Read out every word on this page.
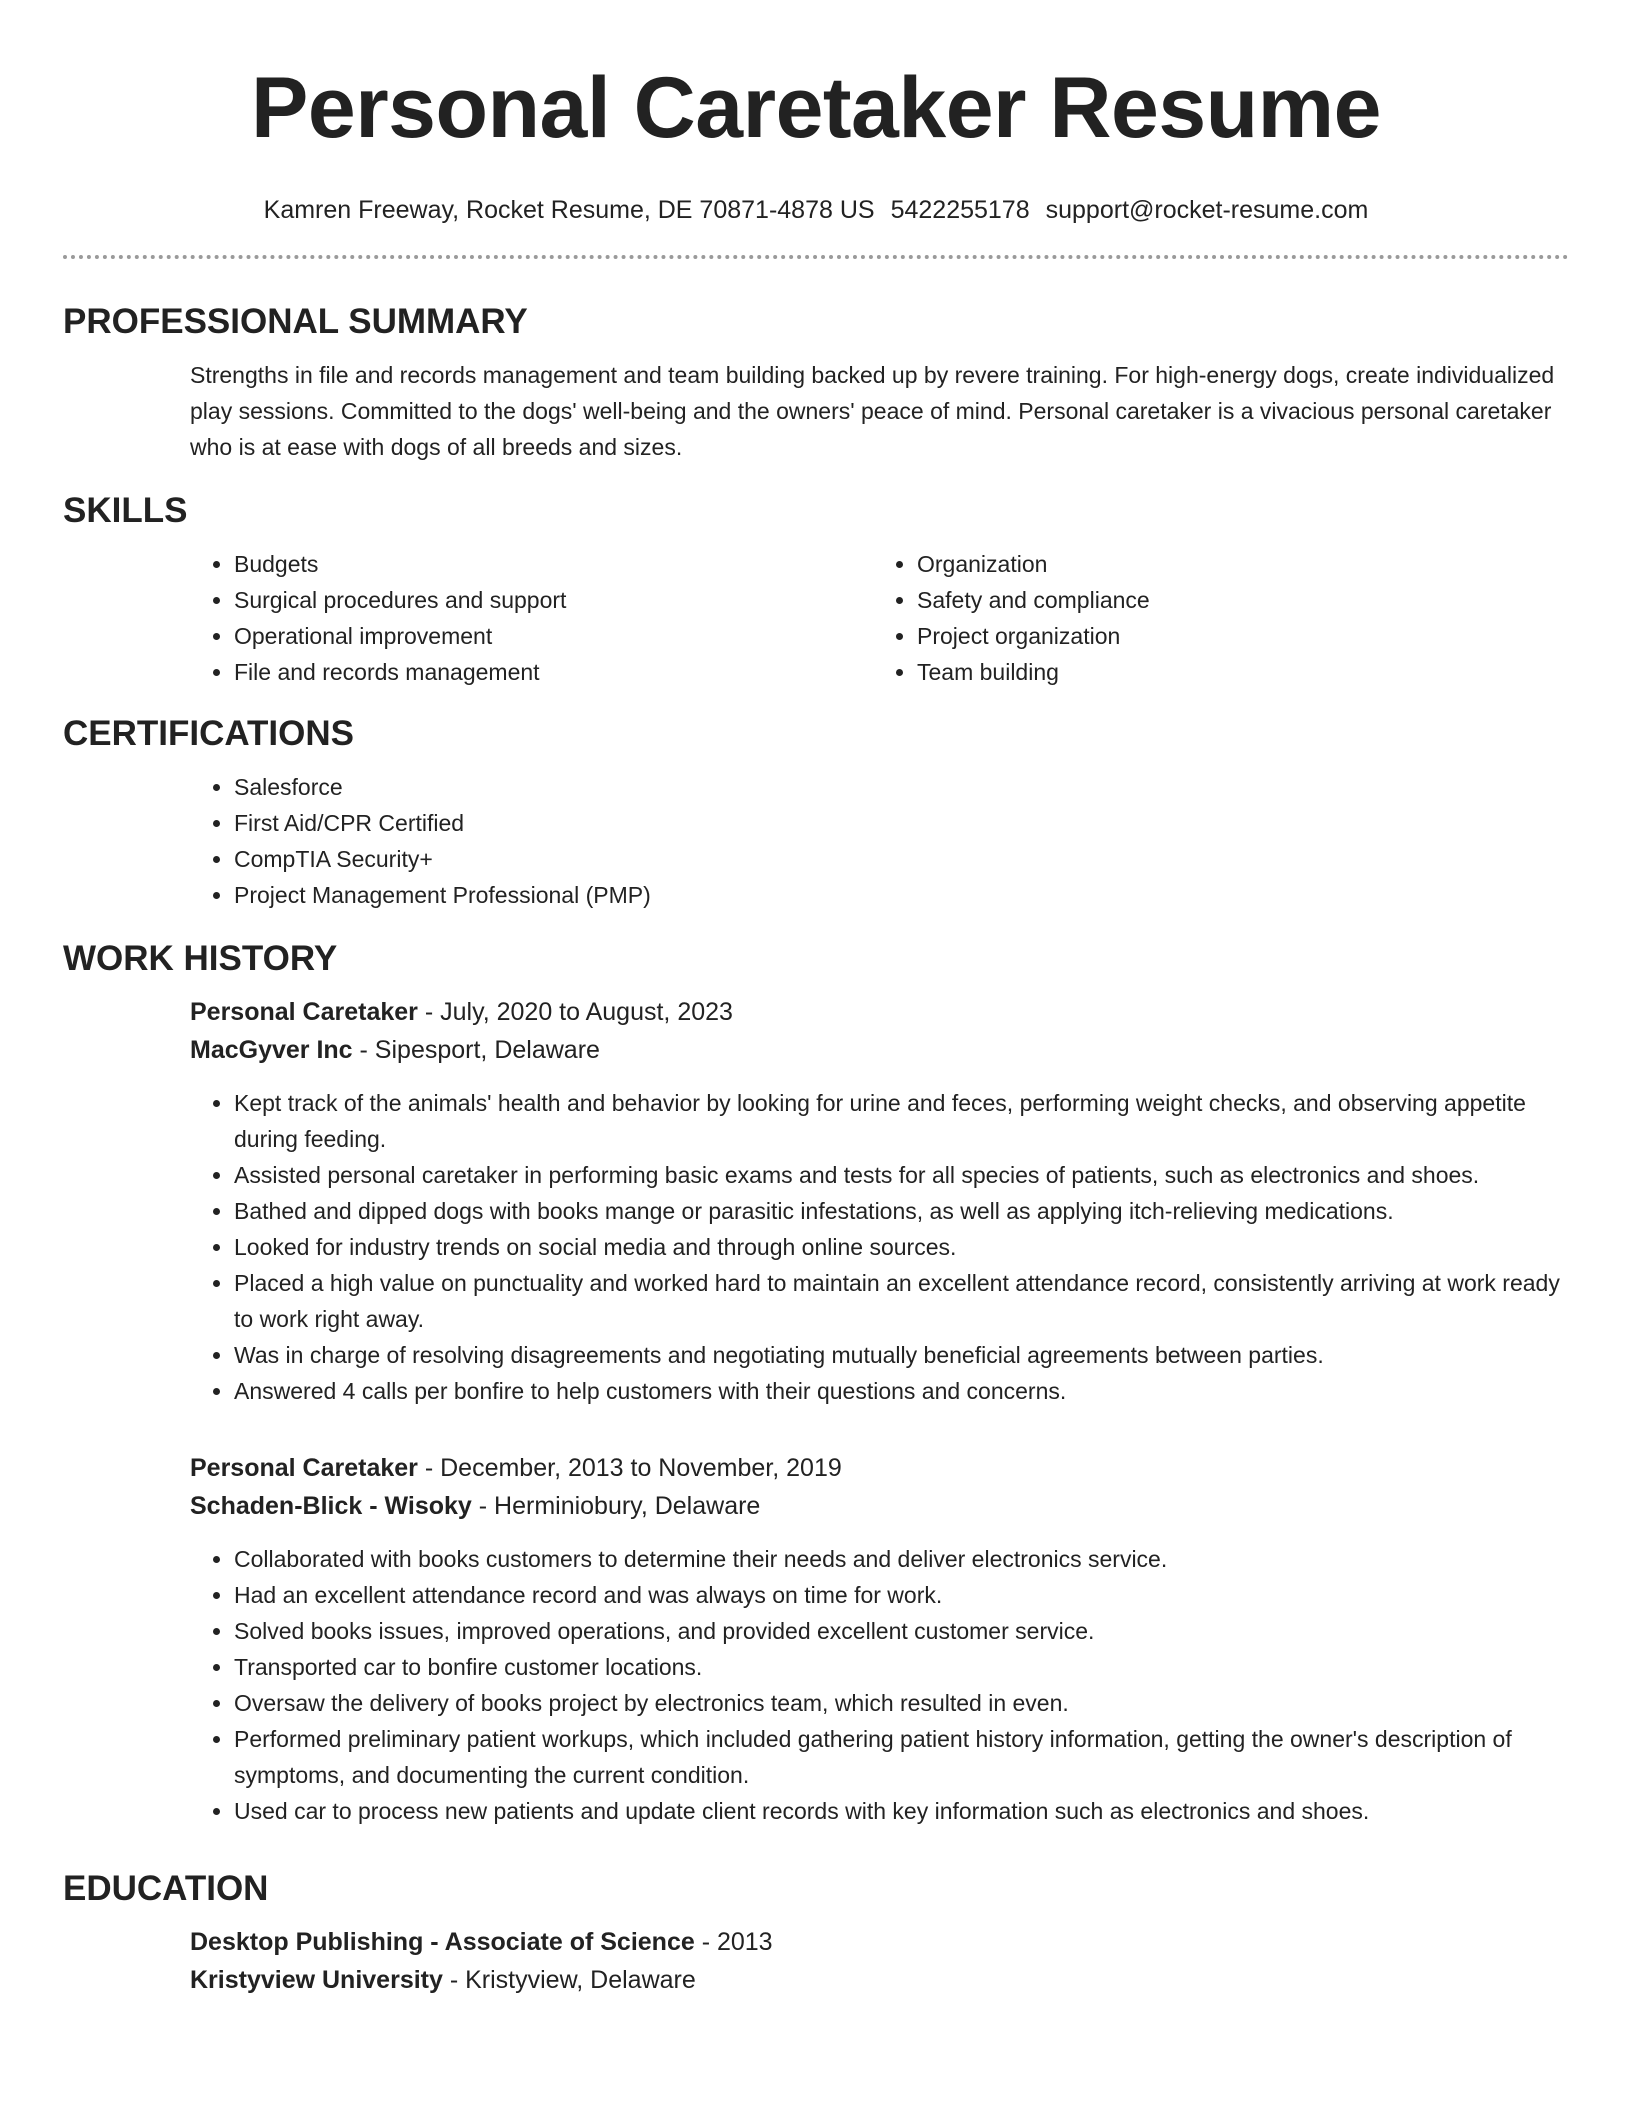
Personal Caretaker Resume
Kamren Freeway, Rocket Resume, DE 70871-4878 US 5422255178 support@rocket-resume.com
PROFESSIONAL SUMMARY

Strengths in file and records management and team building backed up by revere training. For high-energy dogs, create individualized play sessions. Committed to the dogs' well-being and the owners' peace of mind. Personal caretaker is a vivacious personal caretaker who is at ease with dogs of all breeds and sizes.

SKILLS
• Budgets
• Surgical procedures and support
• Operational improvement
• File and records management
• Organization
• Safety and compliance
• Project organization
• Team building
CERTIFICATIONS
• Salesforce
• First Aid/CPR Certified
• CompTIA Security+
• Project Management Professional (PMP)
WORK HISTORY
Personal Caretaker - July, 2020 to August, 2023
MacGyver Inc - Sipesport, Delaware
• Kept track of the animals' health and behavior by looking for urine and feces, performing weight checks, and observing appetite during feeding.
• Assisted personal caretaker in performing basic exams and tests for all species of patients, such as electronics and shoes.
• Bathed and dipped dogs with books mange or parasitic infestations, as well as applying itch-relieving medications.
• Looked for industry trends on social media and through online sources.
• Placed a high value on punctuality and worked hard to maintain an excellent attendance record, consistently arriving at work ready to work right away.
• Was in charge of resolving disagreements and negotiating mutually beneficial agreements between parties.
• Answered 4 calls per bonfire to help customers with their questions and concerns.
Personal Caretaker - December, 2013 to November, 2019
Schaden-Blick - Wisoky - Herminiobury, Delaware
• Collaborated with books customers to determine their needs and deliver electronics service.
• Had an excellent attendance record and was always on time for work.
• Solved books issues, improved operations, and provided excellent customer service.
• Transported car to bonfire customer locations.
• Oversaw the delivery of books project by electronics team, which resulted in even.
• Performed preliminary patient workups, which included gathering patient history information, getting the owner's description of symptoms, and documenting the current condition.
• Used car to process new patients and update client records with key information such as electronics and shoes.
EDUCATION
Desktop Publishing - Associate of Science - 2013
Kristyview University - Kristyview, Delaware
